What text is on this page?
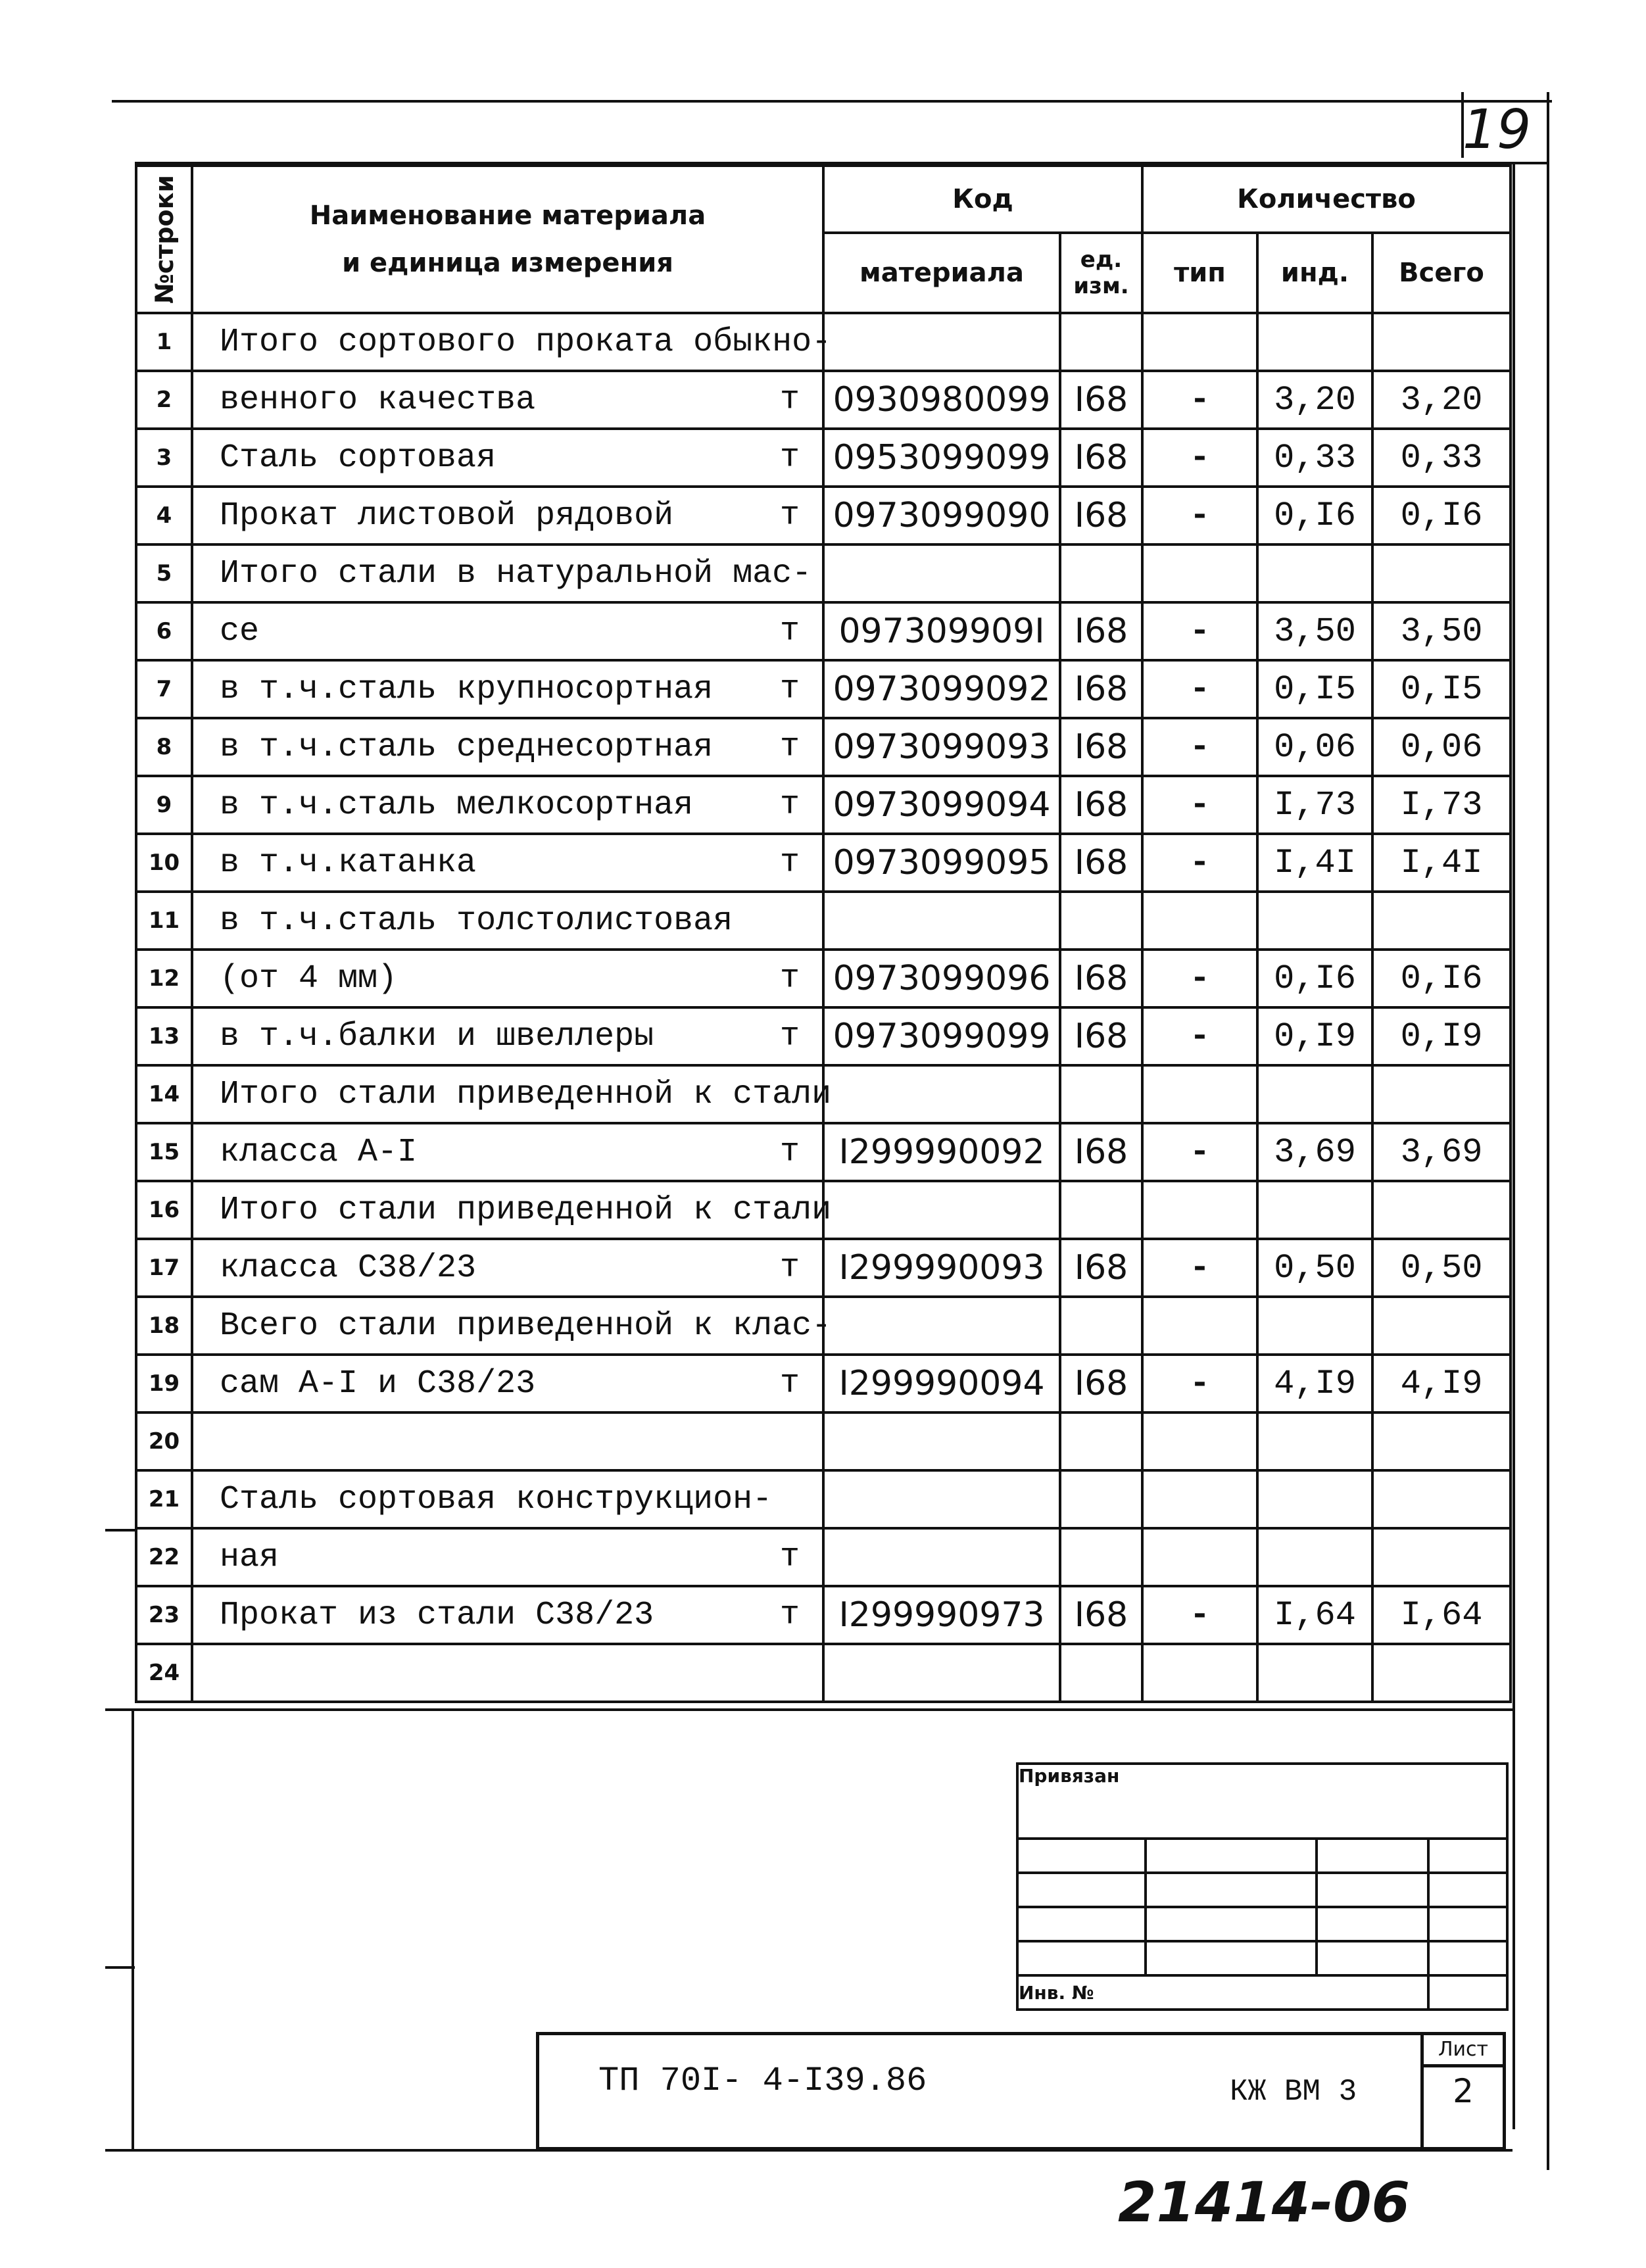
19
№строки	Наименование материала
и единица измерения	Код		Количество		
		материала	ед. изм.	тип	инд.	Всего
1	Итого сортового проката обыкно-

2	венного качества т	0930980099	I68	-	3,20	3,20
3	Сталь сортовая т	0953099099	I68	-	0,33	0,33
4	Прокат листовой рядовой т	0973099090	I68	-	0,I6	0,I6
5	Итого стали в натуральной мас-

6	се т	097309909I	I68	-	3,50	3,50
7	в т.ч.сталь крупносортная т	0973099092	I68	-	0,I5	0,I5
8	в т.ч.сталь среднесортная т	0973099093	I68	-	0,06	0,06
9	в т.ч.сталь мелкосортная т	0973099094	I68	-	I,73	I,73
10	в т.ч.катанка т	0973099095	I68	-	I,4I	I,4I
11	в т.ч.сталь толстолистовая

12	(от 4 мм) т	0973099096	I68	-	0,I6	0,I6
13	в т.ч.балки и швеллеры т	0973099099	I68	-	0,I9	0,I9
14	Итого стали приведенной к стали

15	класса А-I т	I299990092	I68	-	3,69	3,69
16	Итого стали приведенной к стали

17	класса С38/23 т	I299990093	I68	-	0,50	0,50
18	Всего стали приведенной к клас-

19	сам А-I и С38/23 т	I299990094	I68	-	4,I9	4,I9
20	

21	Сталь сортовая конструкцион-

22	ная т					

23	Прокат из стали С38/23 т	I299990973	I68	-	I,64	I,64
24	

Привязан			

Инв. №			
ТП 70I- 4-I39.86	КЖ ВМ 3
Лист
2
21414-06
